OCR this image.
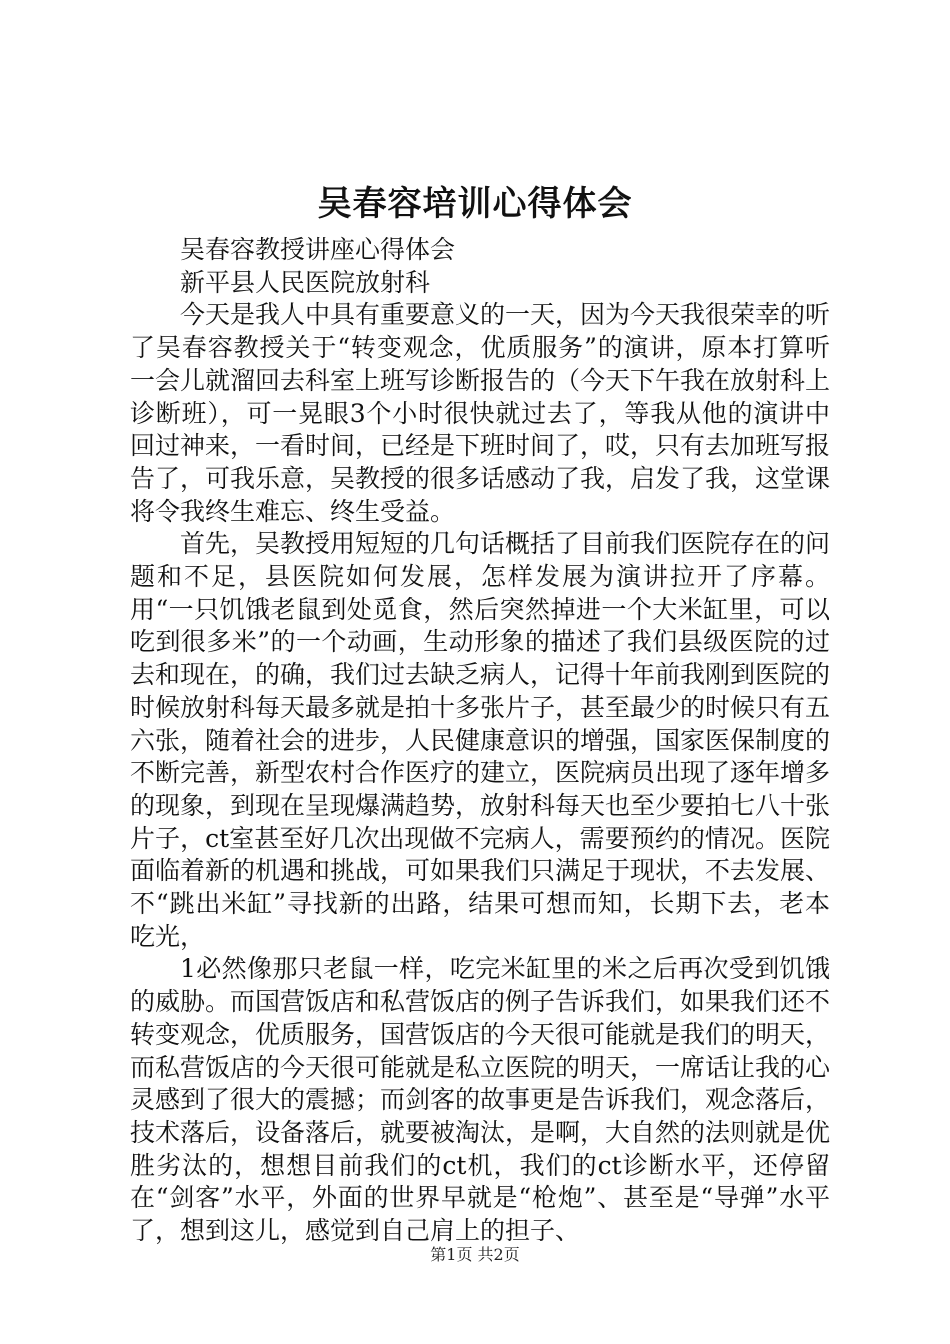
吴春容培训心得体会

吴春容教授讲座心得体会

新平县人民医院放射科

今天是我人中具有重要意义的一天，因为今天我很荣幸的听了吴春容教授关于“转变观念，优质服务”的演讲，原本打算听一会儿就溜回去科室上班写诊断报告的（今天下午我在放射科上诊断班），可一晃眼3个小时很快就过去了，等我从他的演讲中回过神来，一看时间，已经是下班时间了，哎，只有去加班写报告了，可我乐意，吴教授的很多话感动了我，启发了我，这堂课将令我终生难忘、终生受益。

首先，吴教授用短短的几句话概括了目前我们医院存在的问题和不足，县医院如何发展，怎样发展为演讲拉开了序幕。用“一只饥饿老鼠到处觅食，然后突然掉进一个大米缸里，可以吃到很多米”的一个动画，生动形象的描述了我们县级医院的过去和现在，的确，我们过去缺乏病人，记得十年前我刚到医院的时候放射科每天最多就是拍十多张片子，甚至最少的时候只有五六张，随着社会的进步，人民健康意识的增强，国家医保制度的不断完善，新型农村合作医疗的建立，医院病员出现了逐年增多的现象，到现在呈现爆满趋势，放射科每天也至少要拍七八十张片子，ct室甚至好几次出现做不完病人，需要预约的情况。医院面临着新的机遇和挑战，可如果我们只满足于现状，不去发展、不“跳出米缸”寻找新的出路，结果可想而知，长期下去，老本吃光，

1必然像那只老鼠一样，吃完米缸里的米之后再次受到饥饿的威胁。而国营饭店和私营饭店的例子告诉我们，如果我们还不转变观念，优质服务，国营饭店的今天很可能就是我们的明天，而私营饭店的今天很可能就是私立医院的明天，一席话让我的心灵感到了很大的震撼；而剑客的故事更是告诉我们，观念落后，技术落后，设备落后，就要被淘汰，是啊，大自然的法则就是优胜劣汰的，想想目前我们的ct机，我们的ct诊断水平，还停留在“剑客”水平，外面的世界早就是“枪炮”、甚至是“导弹”水平了，想到这儿，感觉到自己肩上的担子、

第1页 共2页
